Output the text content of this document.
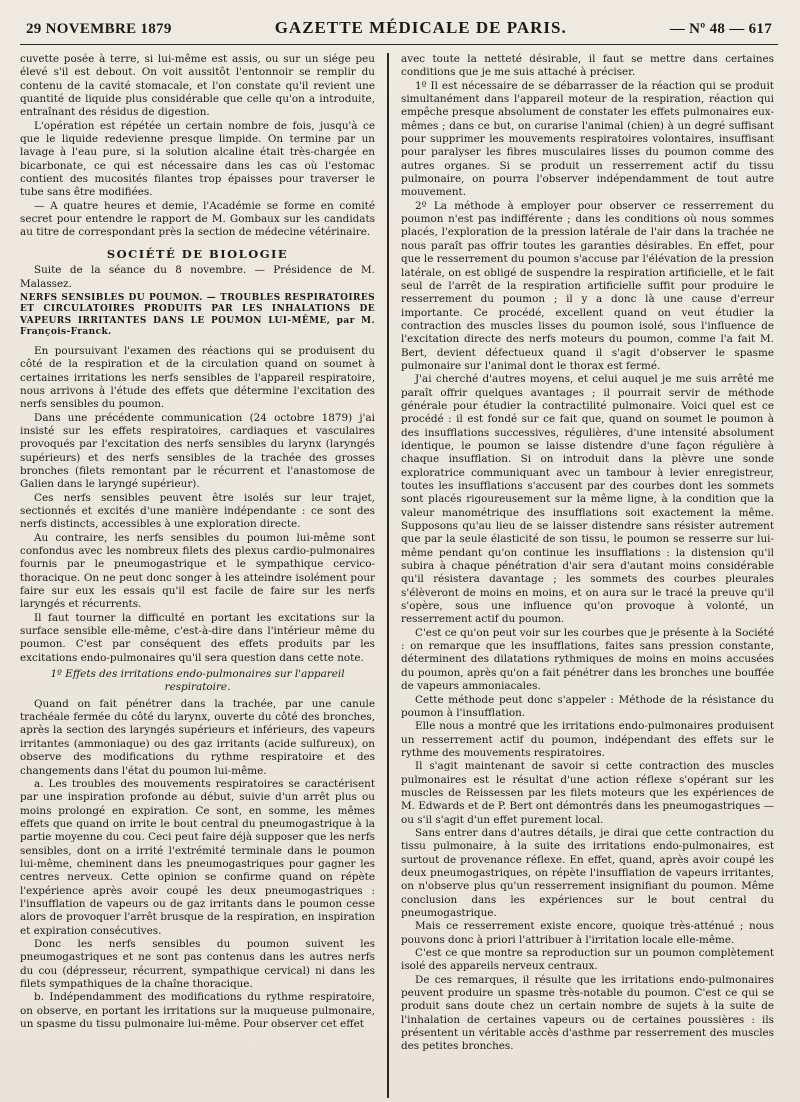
29 NOVEMBRE 1879	GAZETTE MÉDICALE DE PARIS.	— Nº 48 — 617

cuvette posée à terre, si lui-même est assis, ou sur un siége peu élevé s'il est debout. On voit aussitôt l'entonnoir se remplir du contenu de la cavité stomacale, et l'on constate qu'il revient une quantité de liquide plus considérable que celle qu'on a introduite, entraînant des résidus de digestion.

L'opération est répétée un certain nombre de fois, jusqu'à ce que le liquide redevienne presque limpide. On termine par un lavage à l'eau pure, si la solution alcaline était très-chargée en bicarbonate, ce qui est nécessaire dans les cas où l'estomac contient des mucosités filantes trop épaisses pour traverser le tube sans être modifiées.

— A quatre heures et demie, l'Académie se forme en comité secret pour entendre le rapport de M. Gombaux sur les candidats au titre de correspondant près la section de médecine vétérinaire.

SOCIÉTÉ DE BIOLOGIE

Suite de la séance du 8 novembre. — Présidence de M. Malassez.

NERFS SENSIBLES DU POUMON. — TROUBLES RESPIRATOIRES ET CIRCULATOIRES PRODUITS PAR LES INHALATIONS DE VAPEURS IRRITANTES DANS LE POUMON LUI-MÊME, par M. François-Franck.

En poursuivant l'examen des réactions qui se produisent du côté de la respiration et de la circulation quand on soumet à certaines irritations les nerfs sensibles de l'appareil respiratoire, nous arrivons à l'étude des effets que détermine l'excitation des nerfs sensibles du poumon.

Dans une précédente communication (24 octobre 1879) j'ai insisté sur les effets respiratoires, cardiaques et vasculaires provoqués par l'excitation des nerfs sensibles du larynx (laryngés supérieurs) et des nerfs sensibles de la trachée des grosses bronches (filets remontant par le récurrent et l'anastomose de Galien dans le laryngé supérieur).

Ces nerfs sensibles peuvent être isolés sur leur trajet, sectionnés et excités d'une manière indépendante : ce sont des nerfs distincts, accessibles à une exploration directe.

Au contraire, les nerfs sensibles du poumon lui-même sont confondus avec les nombreux filets des plexus cardio-pulmonaires fournis par le pneumogastrique et le sympathique cervico-thoracique. On ne peut donc songer à les atteindre isolément pour faire sur eux les essais qu'il est facile de faire sur les nerfs laryngés et récurrents.

Il faut tourner la difficulté en portant les excitations sur la surface sensible elle-même, c'est-à-dire dans l'intérieur même du poumon. C'est par conséquent des effets produits par les excitations endo-pulmonaires qu'il sera question dans cette note.

1º Effets des irritations endo-pulmonaires sur l'appareil respiratoire.

Quand on fait pénétrer dans la trachée, par une canule trachéale fermée du côté du larynx, ouverte du côté des bronches, après la section des laryngés supérieurs et inférieurs, des vapeurs irritantes (ammoniaque) ou des gaz irritants (acide sulfureux), on observe des modifications du rythme respiratoire et des changements dans l'état du poumon lui-même.

a. Les troubles des mouvements respiratoires se caractérisent par une inspiration profonde au début, suivie d'un arrêt plus ou moins prolongé en expiration. Ce sont, en somme, les mêmes effets que quand on irrite le bout central du pneumogastrique à la partie moyenne du cou. Ceci peut faire déjà supposer que les nerfs sensibles, dont on a irrité l'extrémité terminale dans le poumon lui-même, cheminent dans les pneumogastriques pour gagner les centres nerveux. Cette opinion se confirme quand on répète l'expérience après avoir coupé les deux pneumogastriques : l'insufflation de vapeurs ou de gaz irritants dans le poumon cesse alors de provoquer l'arrêt brusque de la respiration, en inspiration et expiration consécutives.

Donc les nerfs sensibles du poumon suivent les pneumogastriques et ne sont pas contenus dans les autres nerfs du cou (dépresseur, récurrent, sympathique cervical) ni dans les filets sympathiques de la chaîne thoracique.

b. Indépendamment des modifications du rythme respiratoire, on observe, en portant les irritations sur la muqueuse pulmonaire, un spasme du tissu pulmonaire lui-même. Pour observer cet effet

avec toute la netteté désirable, il faut se mettre dans certaines conditions que je me suis attaché à préciser.

1º Il est nécessaire de se débarrasser de la réaction qui se produit simultanément dans l'appareil moteur de la respiration, réaction qui empêche presque absolument de constater les effets pulmonaires eux-mêmes ; dans ce but, on curarise l'animal (chien) à un degré suffisant pour supprimer les mouvements respiratoires volontaires, insuffisant pour paralyser les fibres musculaires lisses du poumon comme des autres organes. Si se produit un resserrement actif du tissu pulmonaire, on pourra l'observer indépendamment de tout autre mouvement.

2º La méthode à employer pour observer ce resserrement du poumon n'est pas indifférente ; dans les conditions où nous sommes placés, l'exploration de la pression latérale de l'air dans la trachée ne nous paraît pas offrir toutes les garanties désirables. En effet, pour que le resserrement du poumon s'accuse par l'élévation de la pression latérale, on est obligé de suspendre la respiration artificielle, et le fait seul de l'arrêt de la respiration artificielle suffit pour produire le resserrement du poumon ; il y a donc là une cause d'erreur importante. Ce procédé, excellent quand on veut étudier la contraction des muscles lisses du poumon isolé, sous l'influence de l'excitation directe des nerfs moteurs du poumon, comme l'a fait M. Bert, devient défectueux quand il s'agit d'observer le spasme pulmonaire sur l'animal dont le thorax est fermé.

J'ai cherché d'autres moyens, et celui auquel je me suis arrêté me paraît offrir quelques avantages ; il pourrait servir de méthode générale pour étudier la contractilité pulmonaire. Voici quel est ce procédé : il est fondé sur ce fait que, quand on soumet le poumon à des insufflations successives, régulières, d'une intensité absolument identique, le poumon se laisse distendre d'une façon régulière à chaque insufflation. Si on introduit dans la plèvre une sonde exploratrice communiquant avec un tambour à levier enregistreur, toutes les insufflations s'accusent par des courbes dont les sommets sont placés rigoureusement sur la même ligne, à la condition que la valeur manométrique des insufflations soit exactement la même. Supposons qu'au lieu de se laisser distendre sans résister autrement que par la seule élasticité de son tissu, le poumon se resserre sur lui-même pendant qu'on continue les insufflations : la distension qu'il subira à chaque pénétration d'air sera d'autant moins considérable qu'il résistera davantage ; les sommets des courbes pleurales s'élèveront de moins en moins, et on aura sur le tracé la preuve qu'il s'opère, sous une influence qu'on provoque à volonté, un resserrement actif du poumon.

C'est ce qu'on peut voir sur les courbes que je présente à la Société : on remarque que les insufflations, faites sans pression constante, déterminent des dilatations rythmiques de moins en moins accusées du poumon, après qu'on a fait pénétrer dans les bronches une bouffée de vapeurs ammoniacales.

Cette méthode peut donc s'appeler : Méthode de la résistance du poumon à l'insufflation.

Elle nous a montré que les irritations endo-pulmonaires produisent un resserrement actif du poumon, indépendant des effets sur le rythme des mouvements respiratoires.

Il s'agit maintenant de savoir si cette contraction des muscles pulmonaires est le résultat d'une action réflexe s'opérant sur les muscles de Reissessen par les filets moteurs que les expériences de M. Edwards et de P. Bert ont démontrés dans les pneumogastriques — ou s'il s'agit d'un effet purement local.

Sans entrer dans d'autres détails, je dirai que cette contraction du tissu pulmonaire, à la suite des irritations endo-pulmonaires, est surtout de provenance réflexe. En effet, quand, après avoir coupé les deux pneumogastriques, on répète l'insufflation de vapeurs irritantes, on n'observe plus qu'un resserrement insignifiant du poumon. Même conclusion dans les expériences sur le bout central du pneumogastrique.

Mais ce resserrement existe encore, quoique très-atténué ; nous pouvons donc à priori l'attribuer à l'irritation locale elle-même.

C'est ce que montre sa reproduction sur un poumon complètement isolé des appareils nerveux centraux.

De ces remarques, il résulte que les irritations endo-pulmonaires peuvent produire un spasme très-notable du poumon. C'est ce qui se produit sans doute chez un certain nombre de sujets à la suite de l'inhalation de certaines vapeurs ou de certaines poussières : ils présentent un véritable accès d'asthme par resserrement des muscles des petites bronches.
